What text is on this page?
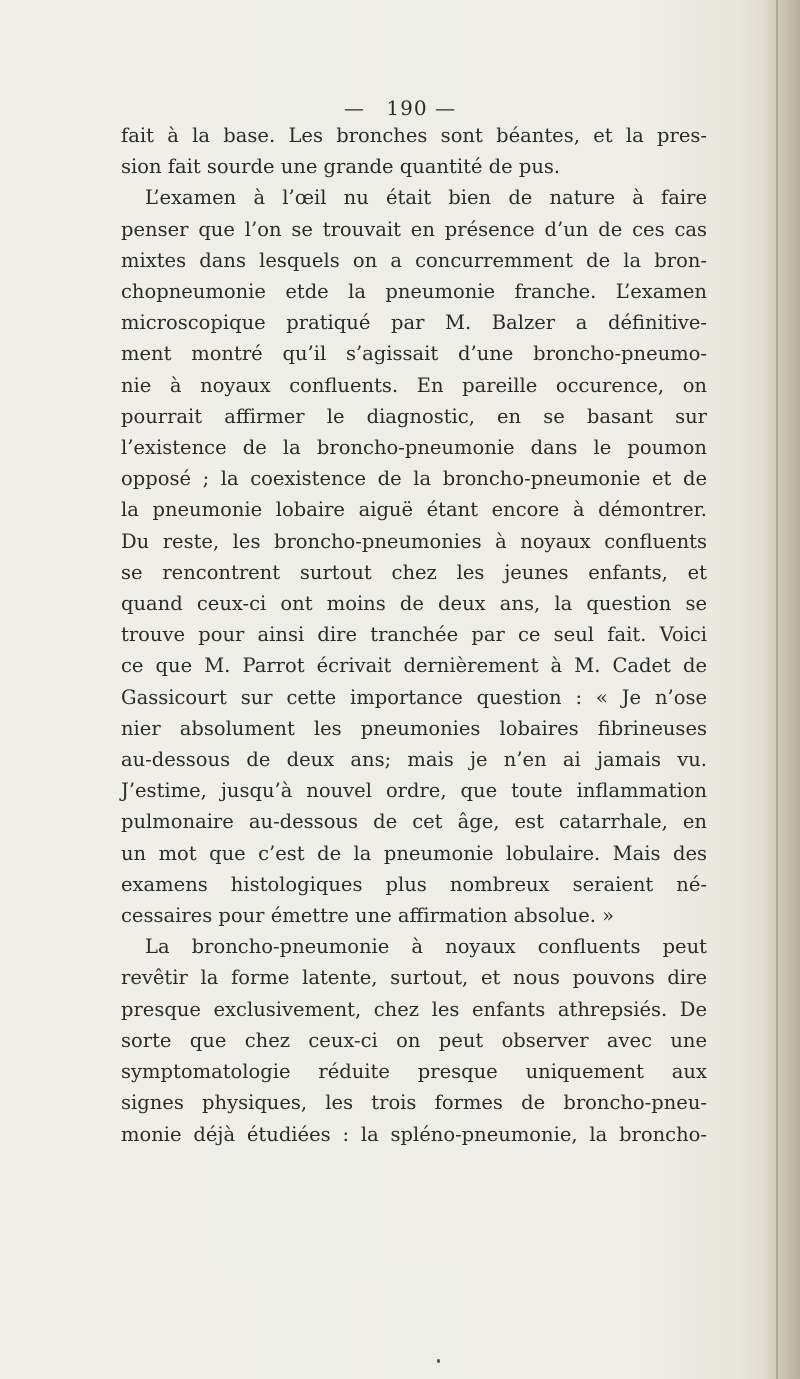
— 190 —
fait à la base. Les bronches sont béantes, et la pres-
sion fait sourde une grande quantité de pus.
L’examen à l’œil nu était bien de nature à faire
penser que l’on se trouvait en présence d’un de ces cas
mixtes dans lesquels on a concurremment de la bron-
chopneumonie etde la pneumonie franche. L’examen
microscopique pratiqué par M. Balzer a définitive-
ment montré qu’il s’agissait d’une broncho-pneumo-
nie à noyaux confluents. En pareille occurence, on
pourrait affirmer le diagnostic, en se basant sur
l’existence de la broncho-pneumonie dans le poumon
opposé ; la coexistence de la broncho-pneumonie et de
la pneumonie lobaire aiguë étant encore à démontrer.
Du reste, les broncho-pneumonies à noyaux confluents
se rencontrent surtout chez les jeunes enfants, et
quand ceux-ci ont moins de deux ans, la question se
trouve pour ainsi dire tranchée par ce seul fait. Voici
ce que M. Parrot écrivait dernièrement à M. Cadet de
Gassicourt sur cette importance question : « Je n’ose
nier absolument les pneumonies lobaires fibrineuses
au-dessous de deux ans; mais je n’en ai jamais vu.
J’estime, jusqu’à nouvel ordre, que toute inflammation
pulmonaire au-dessous de cet âge, est catarrhale, en
un mot que c’est de la pneumonie lobulaire. Mais des
examens histologiques plus nombreux seraient né-
cessaires pour émettre une affirmation absolue. »
La broncho-pneumonie à noyaux confluents peut
revêtir la forme latente, surtout, et nous pouvons dire
presque exclusivement, chez les enfants athrepsiés. De
sorte que chez ceux-ci on peut observer avec une
symptomatologie réduite presque uniquement aux
signes physiques, les trois formes de broncho-pneu-
monie déjà étudiées : la spléno-pneumonie, la broncho-
